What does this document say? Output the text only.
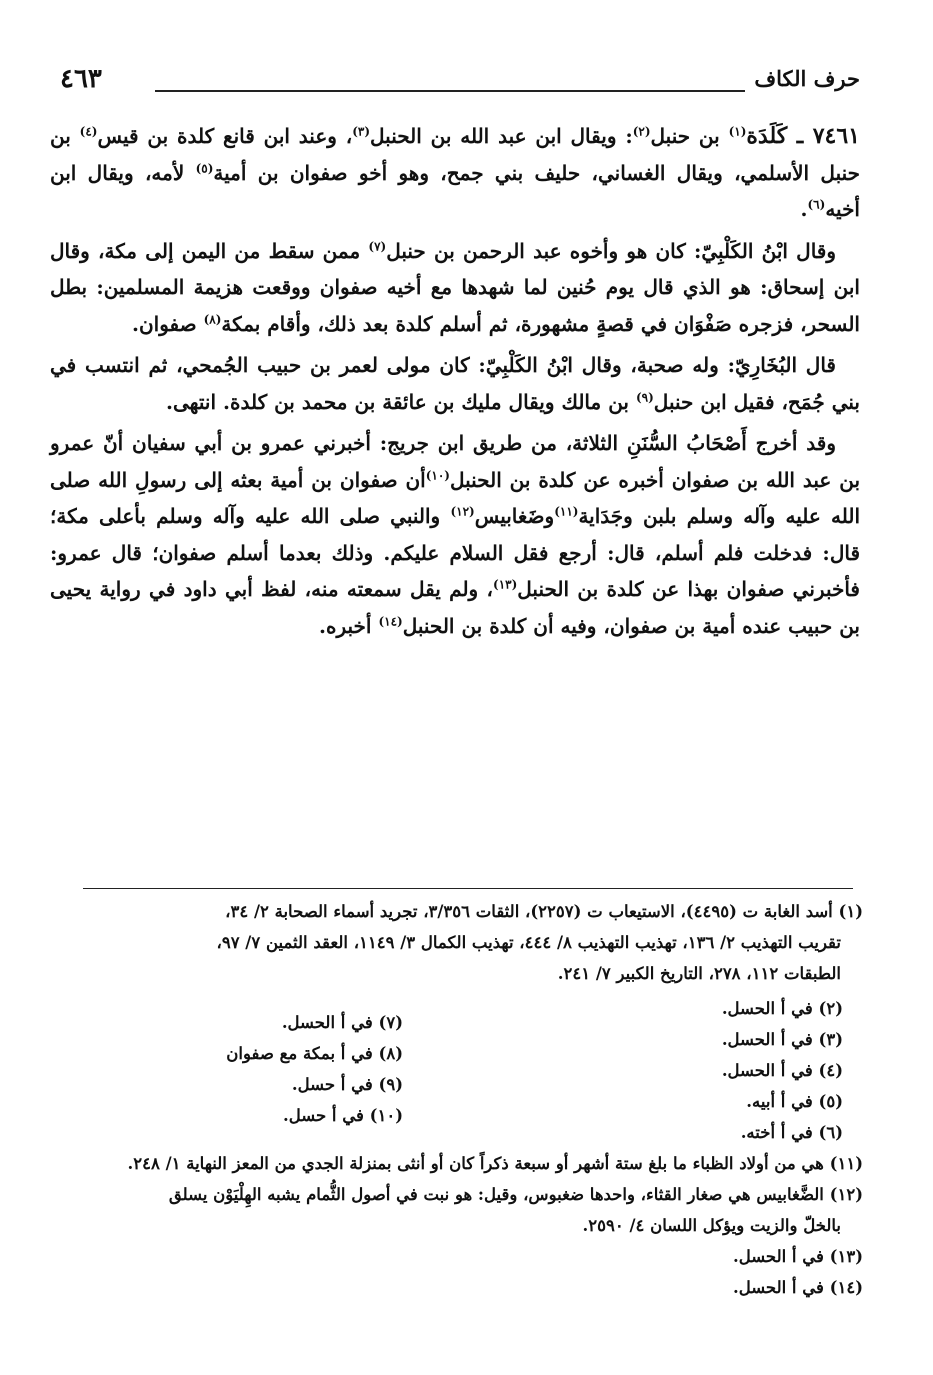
حرف الكاف
٤٦٣

٧٤٦١ ـ كَلَدَة$^{(١)}$ بن حنبل$^{(٢)}$: ويقال ابن عبد الله بن الحنبل$^{(٣)}$، وعند ابن قانع كلدة بن قيس$^{(٤)}$ بن حنبل الأسلمي، ويقال الغساني، حليف بني جمح، وهو أخو صفوان بن أمية$^{(٥)}$ لأمه، ويقال ابن أخيه$^{(٦)}$.

وقال ابْنُ الكَلْبِيّ: كان هو وأخوه عبد الرحمن بن حنبل$^{(٧)}$ ممن سقط من اليمن إلى مكة، وقال ابن إسحاق: هو الذي قال يوم حُنين لما شهدها مع أخيه صفوان ووقعت هزيمة المسلمين: بطل السحر، فزجره صَفْوَان في قصةٍ مشهورة، ثم أسلم كلدة بعد ذلك، وأقام بمكة$^{(٨)}$ صفوان.

قال البُخَارِيّ: وله صحبة، وقال ابْنُ الكَلْبِيّ: كان مولى لعمر بن حبيب الجُمحي، ثم انتسب في بني جُمَح، فقيل ابن حنبل$^{(٩)}$ بن مالك ويقال مليك بن عائقة بن محمد بن كلدة. انتهى.

وقد أخرج أَصْحَابُ السُّنَنِ الثلاثة، من طريق ابن جريج: أخبرني عمرو بن أبي سفيان أنّ عمرو بن عبد الله بن صفوان أخبره عن كلدة بن الحنبل$^{(١٠)}$أن صفوان بن أمية بعثه إلى رسولِ الله صلى الله عليه وآله وسلم بلبن وجَدَاية$^{(١١)}$وضَغابيس$^{(١٢)}$ والنبي صلى الله عليه وآله وسلم بأعلى مكة؛ قال: فدخلت فلم أسلم، قال: أرجع فقل السلام عليكم. وذلك بعدما أسلم صفوان؛ قال عمرو: فأخبرني صفوان بهذا عن كلدة بن الحنبل$^{(١٣)}$، ولم يقل سمعته منه، لفظ أبي داود في رواية يحيى بن حبيب عنده أمية بن صفوان، وفيه أن كلدة بن الحنبل$^{(١٤)}$ أخبره.

(١) أسد الغابة ت (٤٤٩٥)، الاستيعاب ت (٢٢٥٧)، الثقات ٣/٣٥٦، تجريد أسماء الصحابة ٢/ ٣٤،
تقريب التهذيب ٢/ ١٣٦، تهذيب التهذيب ٨/ ٤٤٤، تهذيب الكمال ٣/ ١١٤٩، العقد الثمين ٧/ ٩٧،
الطبقات ١١٢، ٢٧٨، التاريخ الكبير ٧/ ٢٤١.
(٢) في أ الحسل.
(٣) في أ الحسل.
(٤) في أ الحسل.
(٥) في أ أبيه.
(٦) في أ أخته.
(٧) في أ الحسل.
(٨) في أ بمكة مع صفوان
(٩) في أ حسل.
(١٠) في أ حسل.
(١١) هي من أولاد الظباء ما بلغ ستة أشهر أو سبعة ذكراً كان أو أنثى بمنزلة الجدي من المعز النهاية ١/ ٢٤٨.
(١٢) الضَّغابيس هي صغار القثاء، واحدها ضغبوس، وقيل: هو نبت في أصول الثُّمام يشبه الهِلْيَوْن يسلق
بالخلّ والزيت ويؤكل اللسان ٤/ ٢٥٩٠.
(١٣) في أ الحسل.
(١٤) في أ الحسل.
